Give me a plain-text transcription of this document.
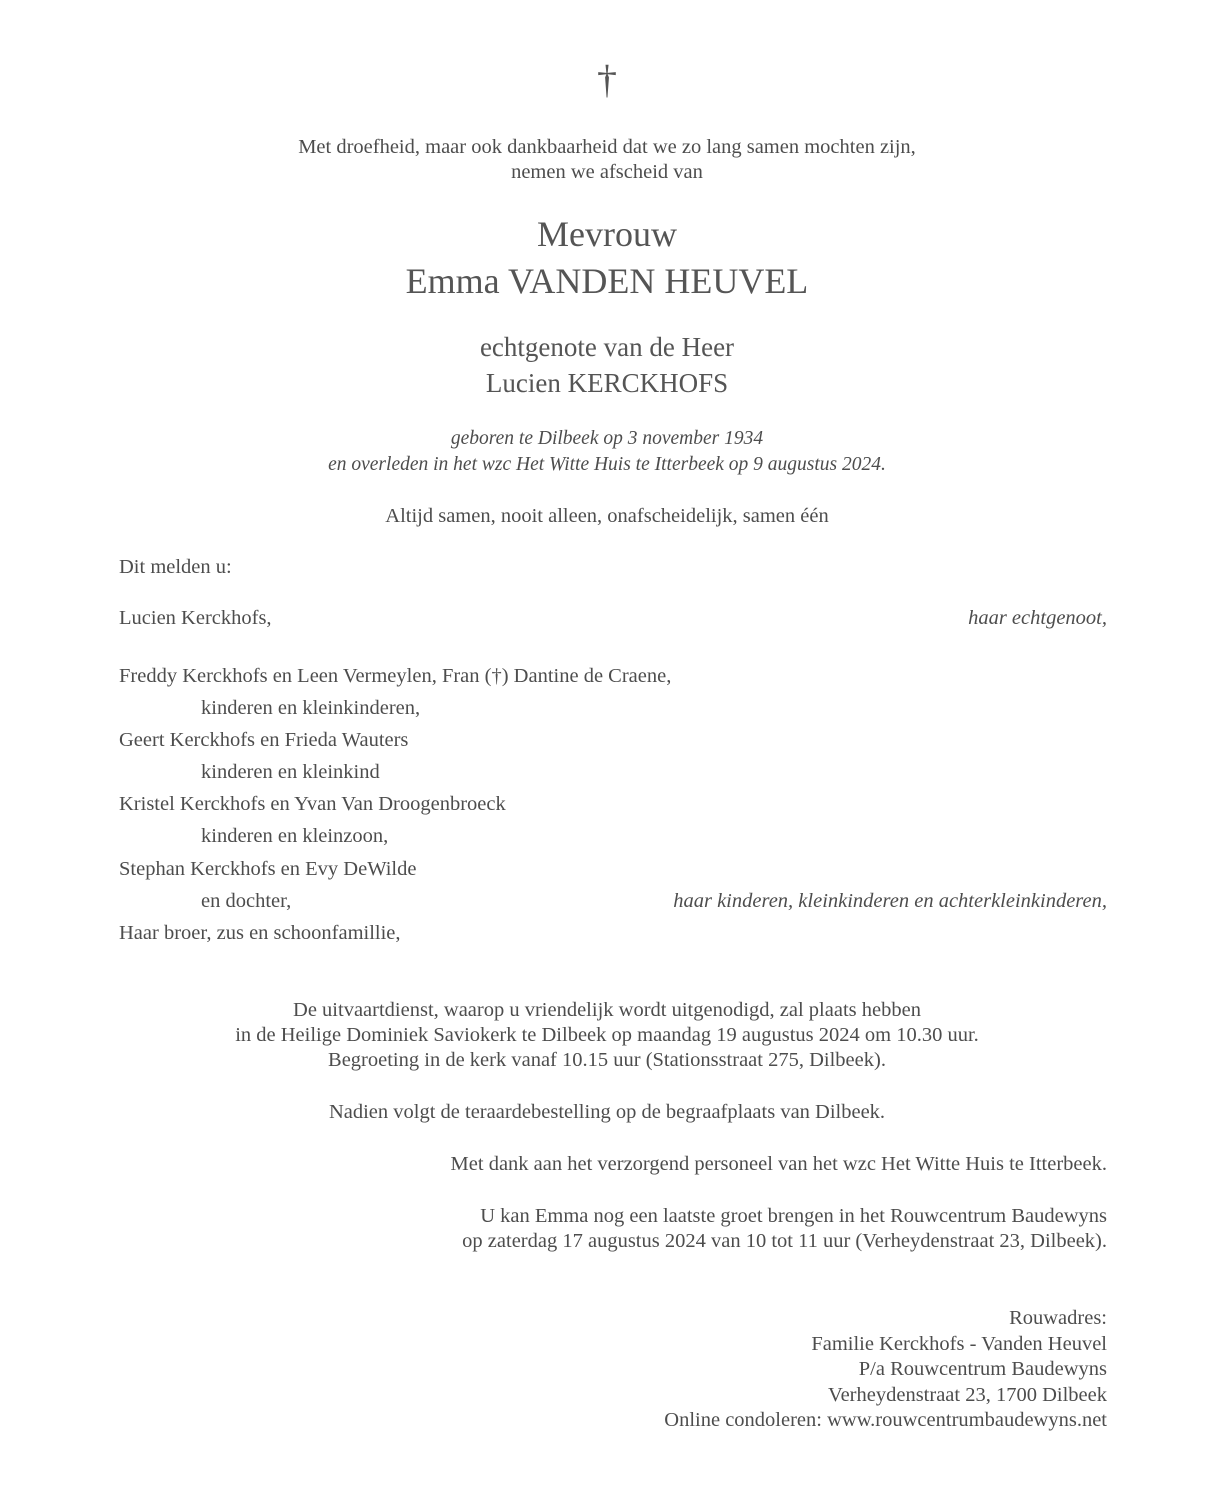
†
Met droefheid, maar ook dankbaarheid dat we zo lang samen mochten zijn,
nemen we afscheid van
Mevrouw
Emma VANDEN HEUVEL
echtgenote van de Heer
Lucien KERCKHOFS
geboren te Dilbeek op 3 november 1934
en overleden in het wzc Het Witte Huis te Itterbeek op 9 augustus 2024.
Altijd samen, nooit alleen, onafscheidelijk, samen één
Dit melden u:
Lucien Kerckhofs,	haar echtgenoot,
Freddy Kerckhofs en Leen Vermeylen, Fran (†) Dantine de Craene,
kinderen en kleinkinderen,
Geert Kerckhofs en Frieda Wauters
kinderen en kleinkind
Kristel Kerckhofs en Yvan Van Droogenbroeck
kinderen en kleinzoon,
Stephan Kerckhofs en Evy DeWilde
en dochter,	haar kinderen, kleinkinderen en achterkleinkinderen,
Haar broer, zus en schoonfamillie,
De uitvaartdienst, waarop u vriendelijk wordt uitgenodigd, zal plaats hebben
in de Heilige Dominiek Saviokerk te Dilbeek op maandag 19 augustus 2024 om 10.30 uur.
Begroeting in de kerk vanaf 10.15 uur (Stationsstraat 275, Dilbeek).
Nadien volgt de teraardebestelling op de begraafplaats van Dilbeek.
Met dank aan het verzorgend personeel van het wzc Het Witte Huis te Itterbeek.
U kan Emma nog een laatste groet brengen in het Rouwcentrum Baudewyns
op zaterdag 17 augustus 2024 van 10 tot 11 uur (Verheydenstraat 23, Dilbeek).
Rouwadres:
Familie Kerckhofs - Vanden Heuvel
P/a Rouwcentrum Baudewyns
Verheydenstraat 23, 1700 Dilbeek
Online condoleren: www.rouwcentrumbaudewyns.net
